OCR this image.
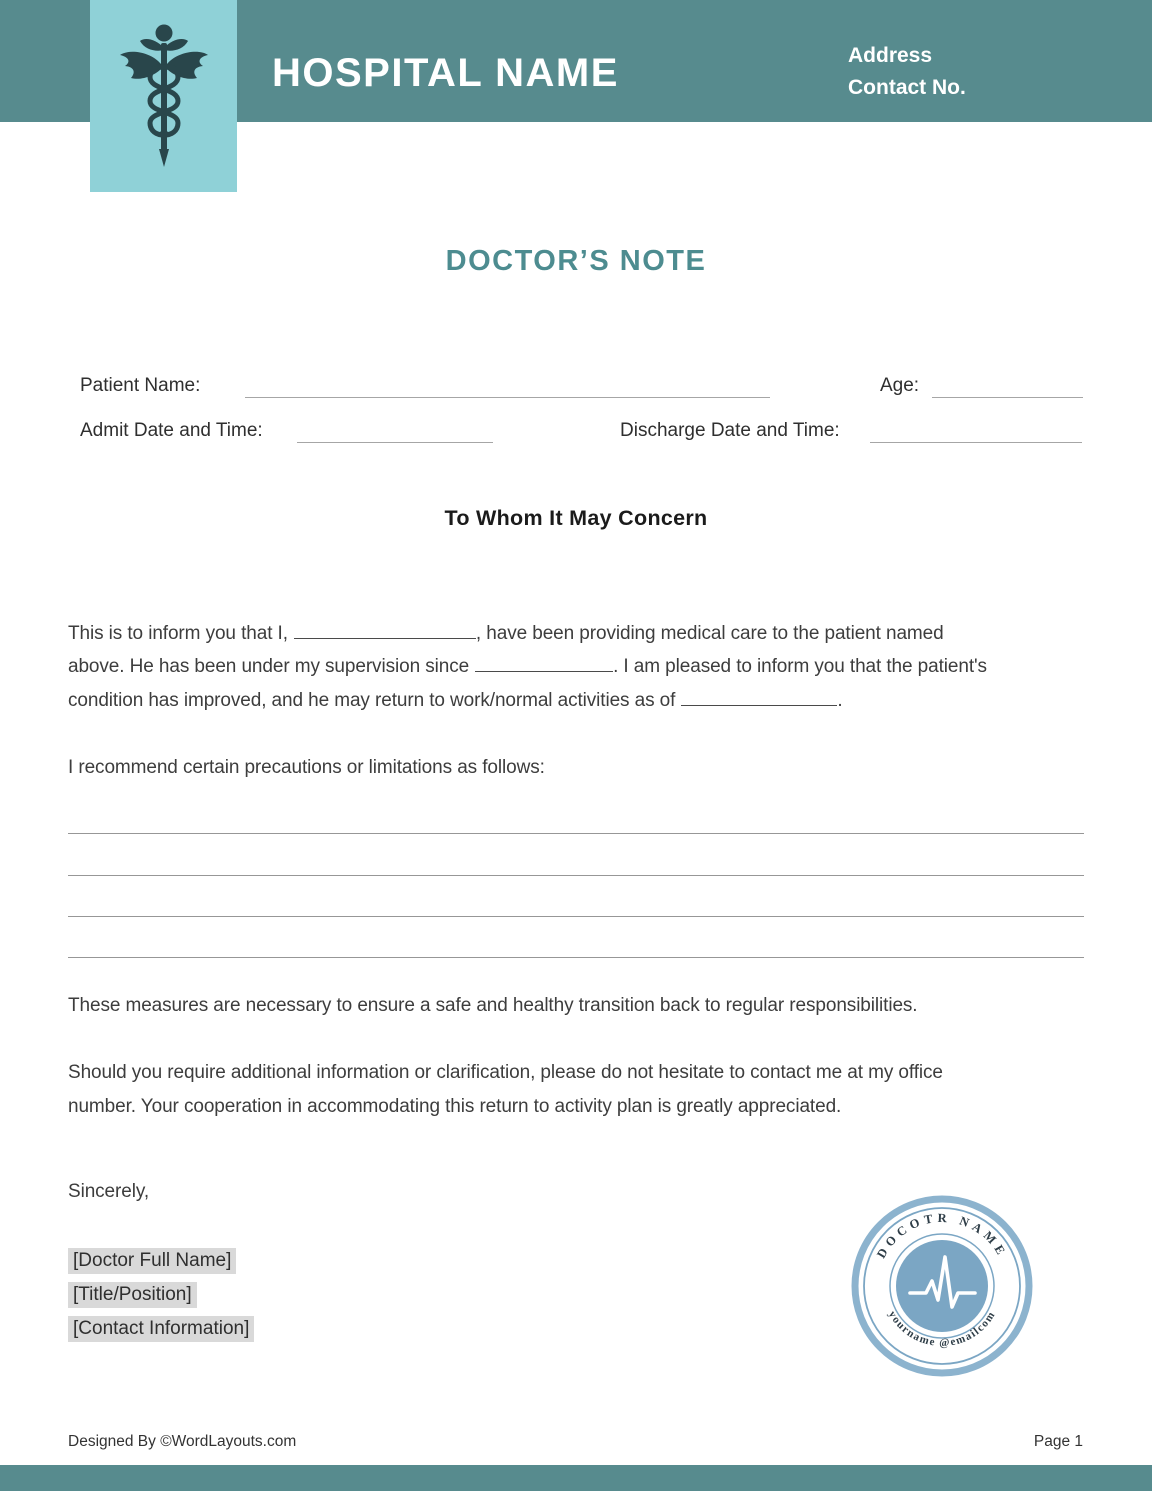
HOSPITAL NAME	Address
Contact No.
DOCTOR’S NOTE
Patient Name:	Age:
Admit Date and Time:	Discharge Date and Time:
To Whom It May Concern
This is to inform you that I,	, have been providing medical care to the patient named
above. He has been under my supervision since	. I am pleased to inform you that the patient's
condition has improved, and he may return to work/normal activities as of	.
I recommend certain precautions or limitations as follows:
These measures are necessary to ensure a safe and healthy transition back to regular responsibilities.
Should you require additional information or clarification, please do not hesitate to contact me at my office
number. Your cooperation in accommodating this return to activity plan is greatly appreciated.
Sincerely,
[Doctor Full Name]
[Title/Position]
[Contact Information]
DOCOTR NAME
yourname @emailcom
Designed By ©WordLayouts.com	Page 1
